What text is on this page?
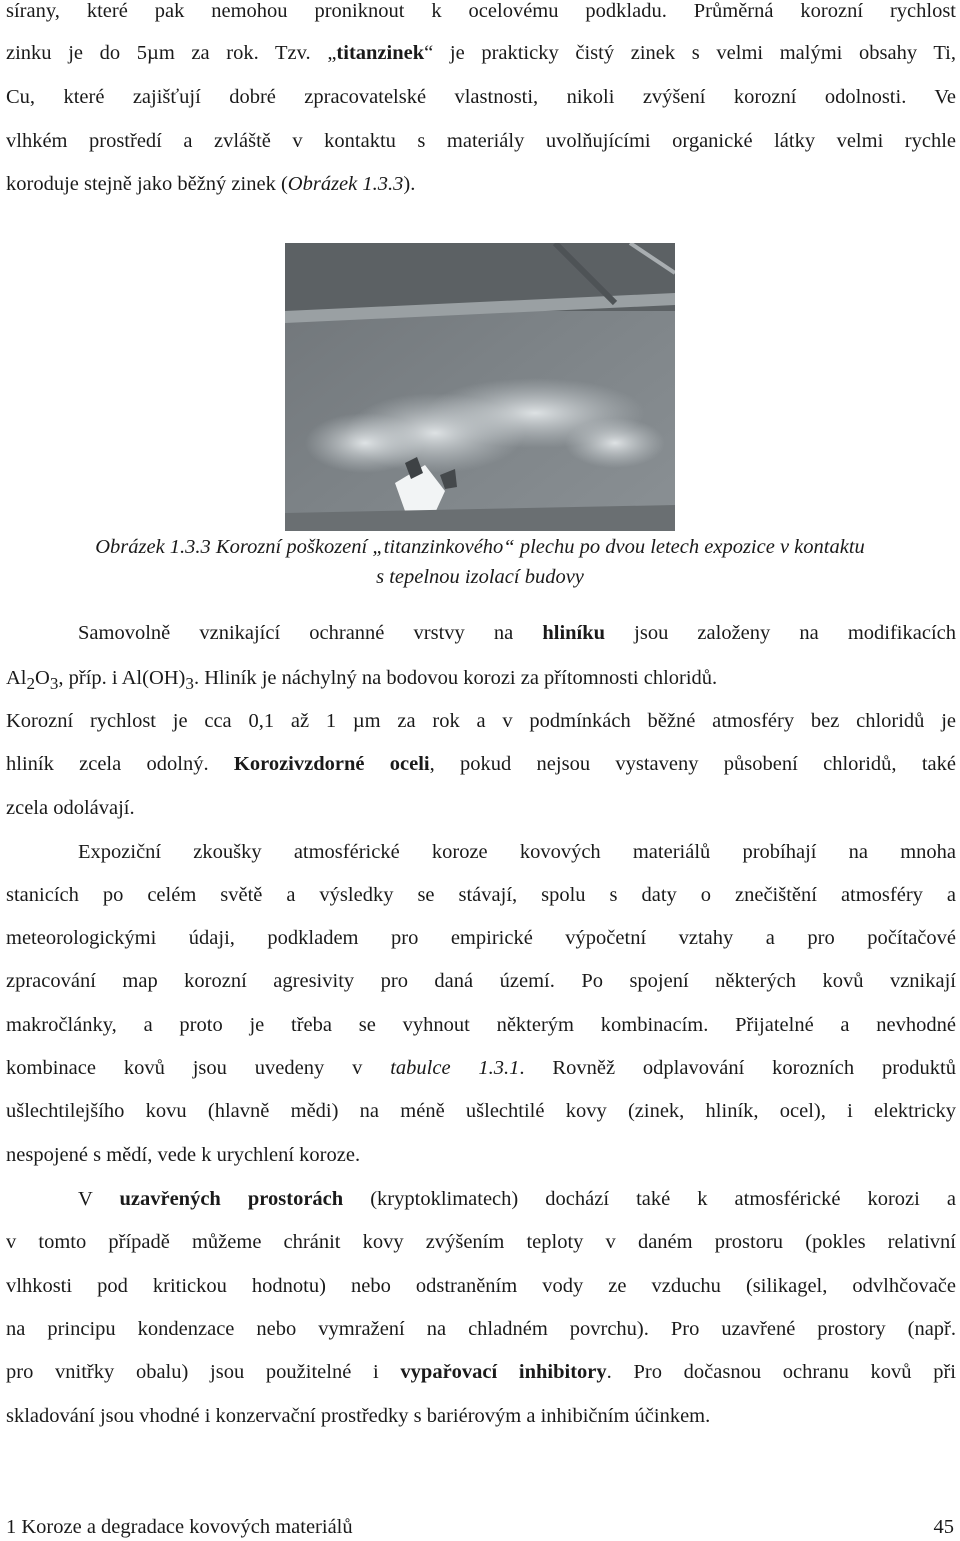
sírany, které pak nemohou proniknout k ocelovému podkladu. Průměrná korozní rychlost
zinku je do 5µm za rok. Tzv. „titanzinek“ je prakticky čistý zinek s velmi malými obsahy Ti,
Cu, které zajišťují dobré zpracovatelské vlastnosti, nikoli zvýšení korozní odolnosti. Ve
vlhkém prostředí a zvláště v kontaktu s materiály uvolňujícími organické látky velmi rychle
koroduje stejně jako běžný zinek (Obrázek 1.3.3).
Obrázek 1.3.3 Korozní poškození „titanzinkového“ plechu po dvou letech expozice v kontaktu
s tepelnou izolací budovy
Samovolně vznikající ochranné vrstvy na hliníku jsou založeny na modifikacích
$Al_2O_3$, příp. i $Al(OH)_3$. Hliník je náchylný na bodovou korozi za přítomnosti chloridů.
Korozní rychlost je cca 0,1 až 1 µm za rok a v podmínkách běžné atmosféry bez chloridů je
hliník zcela odolný. Korozivzdorné oceli, pokud nejsou vystaveny působení chloridů, také
zcela odolávají.
Expoziční zkoušky atmosférické koroze kovových materiálů probíhají na mnoha
stanicích po celém světě a výsledky se stávají, spolu s daty o znečištění atmosféry a
meteorologickými údaji, podkladem pro empirické výpočetní vztahy a pro počítačové
zpracování map korozní agresivity pro daná území. Po spojení některých kovů vznikají
makročlánky, a proto je třeba se vyhnout některým kombinacím. Přijatelné a nevhodné
kombinace kovů jsou uvedeny v tabulce 1.3.1. Rovněž odplavování korozních produktů
ušlechtilejšího kovu (hlavně mědi) na méně ušlechtilé kovy (zinek, hliník, ocel), i elektricky
nespojené s mědí, vede k urychlení koroze.
V uzavřených prostorách (kryptoklimatech) dochází také k atmosférické korozi a
v tomto případě můžeme chránit kovy zvýšením teploty v daném prostoru (pokles relativní
vlhkosti pod kritickou hodnotu) nebo odstraněním vody ze vzduchu (silikagel, odvlhčovače
na principu kondenzace nebo vymražení na chladném povrchu). Pro uzavřené prostory (např.
pro vnitřky obalu) jsou použitelné i vypařovací inhibitory. Pro dočasnou ochranu kovů při
skladování jsou vhodné i konzervační prostředky s bariérovým a inhibičním účinkem.
1 Koroze a degradace kovových materiálů	45
